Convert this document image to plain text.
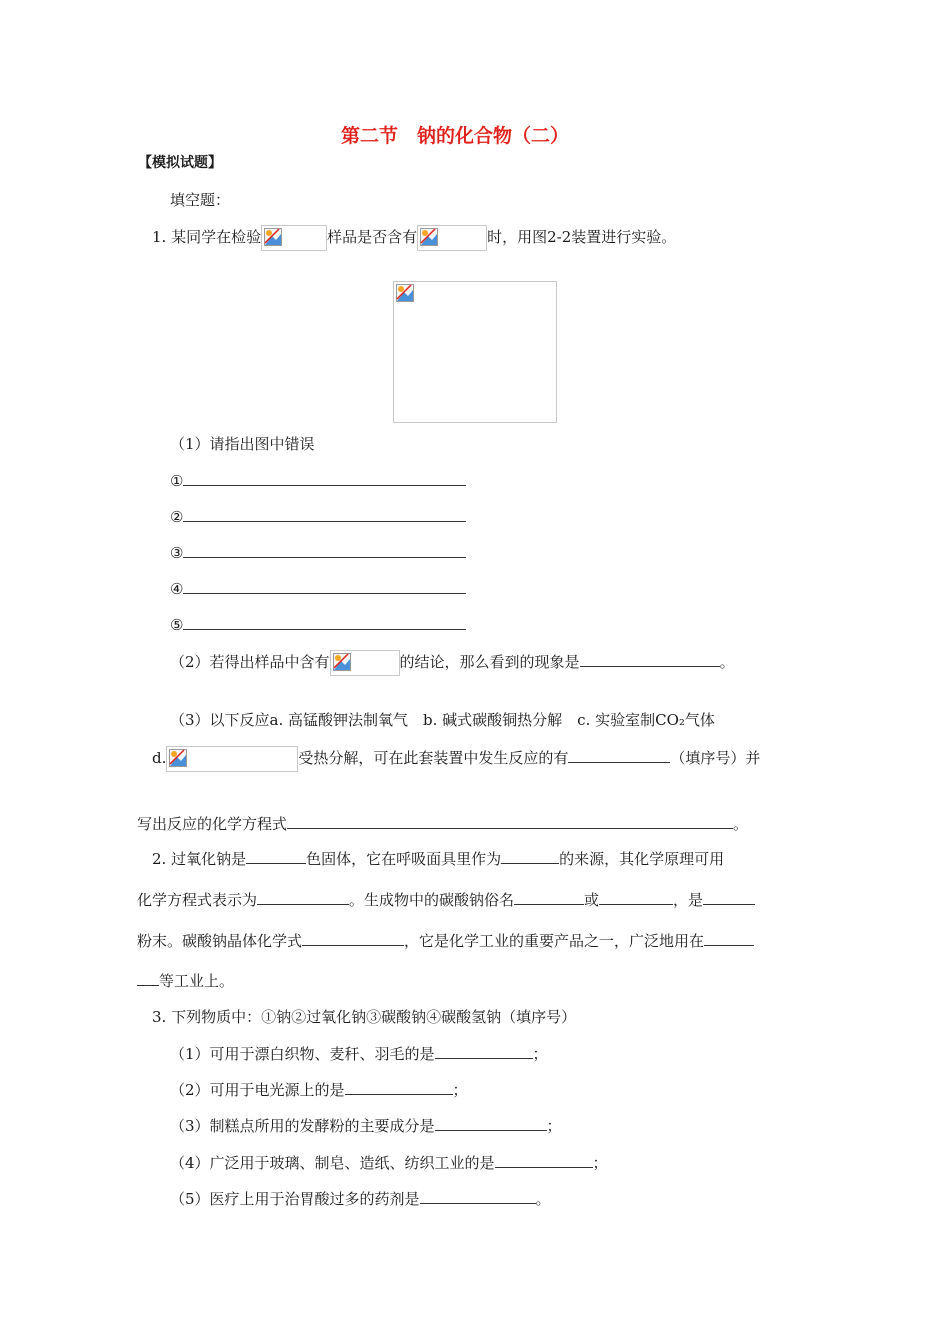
第二节　钠的化合物（二）
【模拟试题】
填空题：
1. 某同学在检验	样品是否含有	时，用图2-2装置进行实验。
（1）请指出图中错误
①
②
③
④
⑤
（2）若得出样品中含有	的结论，那么看到的现象是	。
（3）以下反应a. 高锰酸钾法制氧气　b. 碱式碳酸铜热分解　c. 实验室制CO₂气体
d.	受热分解，可在此套装置中发生反应的有	（填序号）并
写出反应的化学方程式	。
2. 过氧化钠是	色固体，它在呼吸面具里作为	的来源，其化学原理可用
化学方程式表示为	。生成物中的碳酸钠俗名	或	，是
粉末。碳酸钠晶体化学式	，它是化学工业的重要产品之一，广泛地用在
等工业上。
3. 下列物质中：①钠②过氧化钠③碳酸钠④碳酸氢钠（填序号）
（1）可用于漂白织物、麦秆、羽毛的是	；
（2）可用于电光源上的是	；
（3）制糕点所用的发酵粉的主要成分是	；
（4）广泛用于玻璃、制皂、造纸、纺织工业的是	；
（5）医疗上用于治胃酸过多的药剂是	。
